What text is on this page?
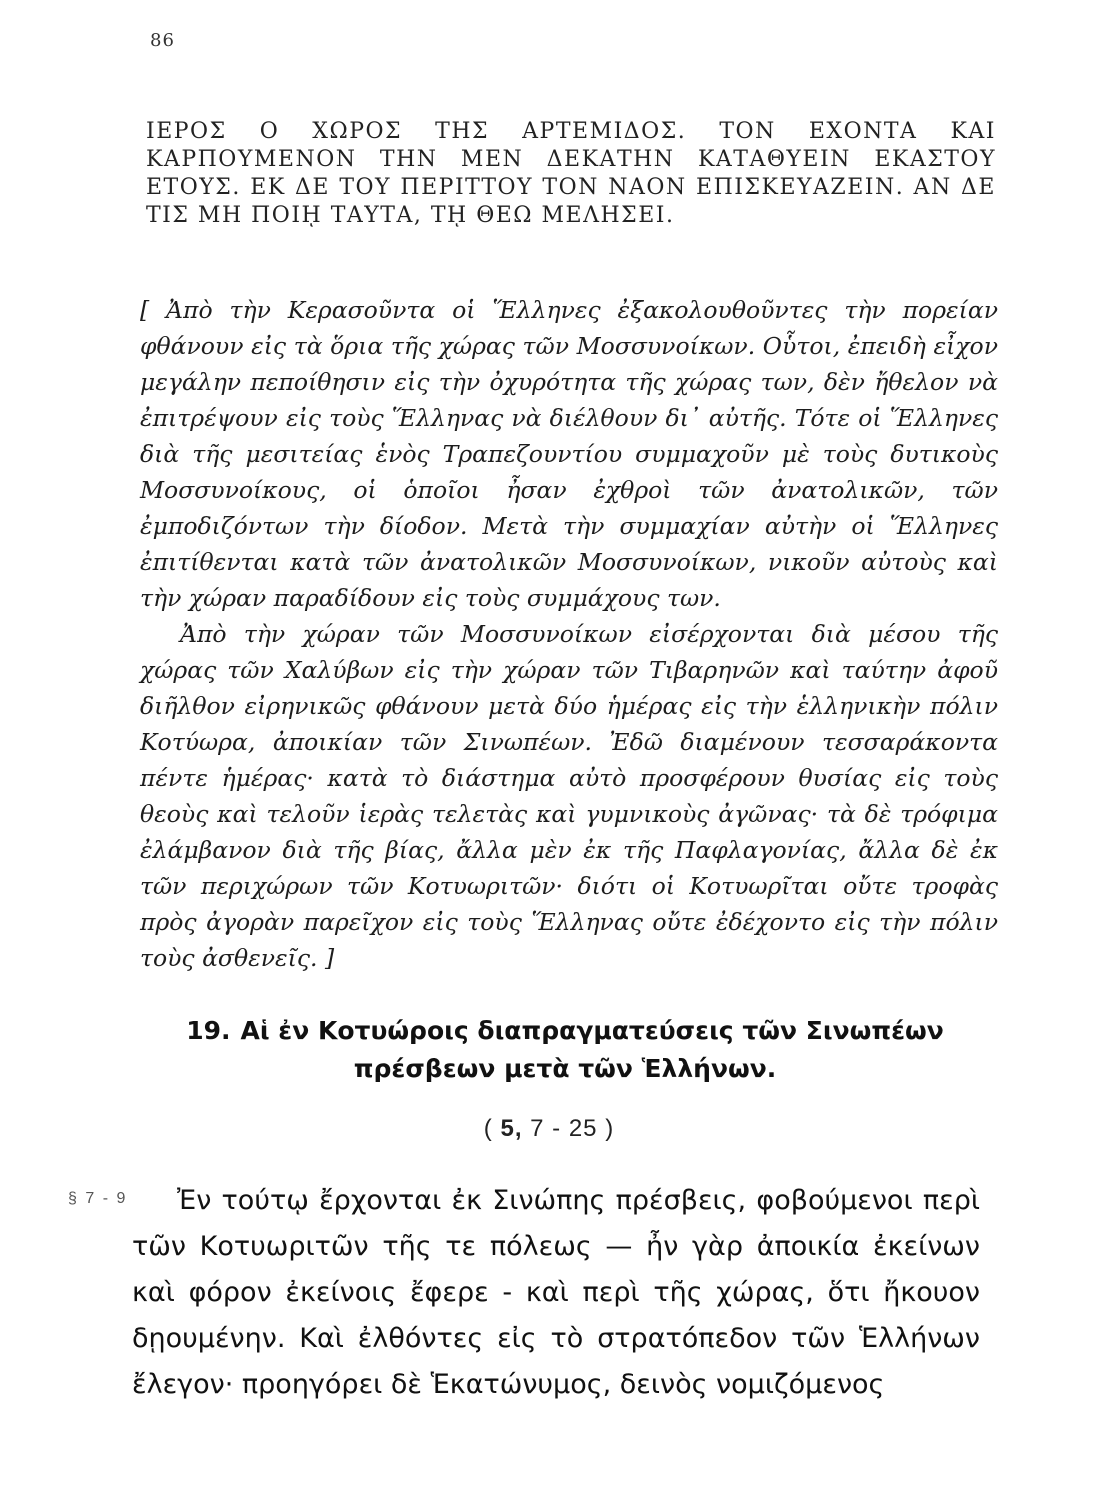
86

ΙΕΡΟΣ Ο ΧΩΡΟΣ ΤΗΣ ΑΡΤΕΜΙΔΟΣ. ΤΟΝ ΕΧΟΝΤΑ ΚΑΙ ΚΑΡΠΟΥΜΕΝΟΝ ΤΗΝ ΜΕΝ ΔΕΚΑΤΗΝ ΚΑΤΑΘΥΕΙΝ ΕΚΑΣΤΟΥ ΕΤΟΥΣ. ΕΚ ΔΕ ΤΟΥ ΠΕΡΙΤΤΟΥ ΤΟΝ ΝΑΟΝ ΕΠΙΣΚΕΥΑΖΕΙΝ. ΑΝ ΔΕ ΤΙΣ ΜΗ ΠΟΙῌ ΤΑΥΤΑ, Τῌ ΘΕΩ ΜΕΛΗΣΕΙ.

[ Ἀπὸ τὴν Κερασοῦντα οἱ Ἕλληνες ἐξακολουθοῦντες τὴν πορείαν φθάνουν εἰς τὰ ὅρια τῆς χώρας τῶν Μοσσυνοίκων. Οὗτοι, ἐπειδὴ εἶχον μεγάλην πεποίθησιν εἰς τὴν ὀχυρότητα τῆς χώρας των, δὲν ἤθελον νὰ ἐπιτρέψουν εἰς τοὺς Ἕλληνας νὰ διέλθουν δι᾽ αὐτῆς. Τότε οἱ Ἕλληνες διὰ τῆς μεσιτείας ἑνὸς Τραπεζουντίου συμμαχοῦν μὲ τοὺς δυτικοὺς Μοσσυνοίκους, οἱ ὁποῖοι ἦσαν ἐχθροὶ τῶν ἀνατολικῶν, τῶν ἐμποδιζόντων τὴν δίοδον. Μετὰ τὴν συμμαχίαν αὐτὴν οἱ Ἕλληνες ἐπιτίθενται κατὰ τῶν ἀνατολικῶν Μοσσυνοίκων, νικοῦν αὐτοὺς καὶ τὴν χώραν παραδίδουν εἰς τοὺς συμμάχους των.

Ἀπὸ τὴν χώραν τῶν Μοσσυνοίκων εἰσέρχονται διὰ μέσου τῆς χώρας τῶν Χαλύβων εἰς τὴν χώραν τῶν Τιβαρηνῶν καὶ ταύτην ἀφοῦ διῆλθον εἰρηνικῶς φθάνουν μετὰ δύο ἡμέρας εἰς τὴν ἑλληνικὴν πόλιν Κοτύωρα, ἀποικίαν τῶν Σινωπέων. Ἐδῶ διαμένουν τεσσαράκοντα πέντε ἡμέρας· κατὰ τὸ διάστημα αὐτὸ προσφέρουν θυσίας εἰς τοὺς θεοὺς καὶ τελοῦν ἱερὰς τελετὰς καὶ γυμνικοὺς ἀγῶνας· τὰ δὲ τρόφιμα ἐλάμβανον διὰ τῆς βίας, ἄλλα μὲν ἐκ τῆς Παφλαγονίας, ἄλλα δὲ ἐκ τῶν περιχώρων τῶν Κοτυωριτῶν· διότι οἱ Κοτυωρῖται οὔτε τροφὰς πρὸς ἀγορὰν παρεῖχον εἰς τοὺς Ἕλληνας οὔτε ἐδέχοντο εἰς τὴν πόλιν τοὺς ἀσθενεῖς. ]

19. Αἱ ἐν Κοτυώροις διαπραγματεύσεις τῶν Σινωπέων
πρέσβεων μετὰ τῶν Ἑλλήνων.
( 5, 7 - 25 )
§ 7 - 9	Ἐν τούτῳ ἔρχονται ἐκ Σινώπης πρέσβεις, φοβούμενοι περὶ τῶν Κοτυωριτῶν τῆς τε πόλεως — ἦν γὰρ ἀποικία ἐκείνων καὶ φόρον ἐκείνοις ἔφερε - καὶ περὶ τῆς χώρας, ὅτι ἤκουον δῃουμένην. Καὶ ἐλθόντες εἰς τὸ στρατόπεδον τῶν Ἑλλήνων ἔλεγον· προηγόρει δὲ Ἑκατώνυμος, δεινὸς νομιζόμενος
